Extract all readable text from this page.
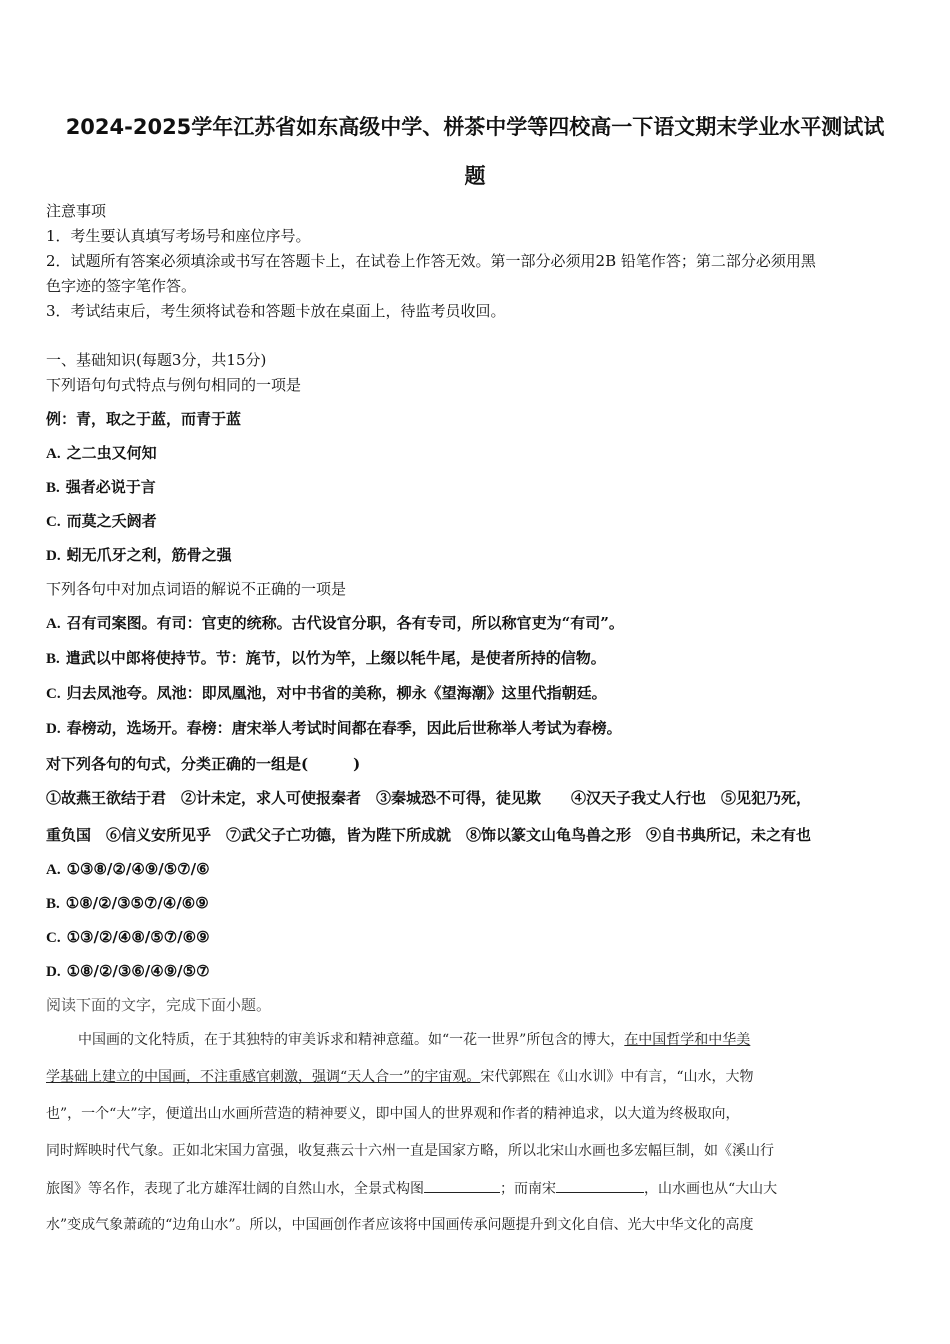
2024-2025学年江苏省如东高级中学、栟茶中学等四校高一下语文期末学业水平测试试
题
注意事项
1．考生要认真填写考场号和座位序号。
2．试题所有答案必须填涂或书写在答题卡上，在试卷上作答无效。第一部分必须用2B 铅笔作答；第二部分必须用黑
色字迹的签字笔作答。
3．考试结束后，考生须将试卷和答题卡放在桌面上，待监考员收回。
一、基础知识(每题3分，共15分)
下列语句句式特点与例句相同的一项是
例：青，取之于蓝，而青于蓝
A. 之二虫又何知
B. 强者必说于言
C. 而莫之夭阏者
D. 蚓无爪牙之利，筋骨之强
下列各句中对加点词语的解说不正确的一项是
A. 召有司案图。有司：官吏的统称。古代设官分职，各有专司，所以称官吏为“有司”。
B. 遣武以中郎将使持节。节：旄节，以竹为竿，上缀以牦牛尾，是使者所持的信物。
C. 归去凤池夸。凤池：即凤凰池，对中书省的美称，柳永《望海潮》这里代指朝廷。
D. 春榜动，选场开。春榜：唐宋举人考试时间都在春季，因此后世称举人考试为春榜。
对下列各句的句式，分类正确的一组是(　　　)
①故燕王欲结于君　②计未定，求人可使报秦者　③秦城恐不可得，徒见欺　　④汉天子我丈人行也　⑤见犯乃死，
重负国　⑥信义安所见乎　⑦武父子亡功德，皆为陛下所成就　⑧饰以篆文山龟鸟兽之形　⑨自书典所记，未之有也
A. ①③⑧/②/④⑨/⑤⑦/⑥
B. ①⑧/②/③⑤⑦/④/⑥⑨
C. ①③/②/④⑧/⑤⑦/⑥⑨
D. ①⑧/②/③⑥/④⑨/⑤⑦
阅读下面的文字，完成下面小题。
中国画的文化特质，在于其独特的审美诉求和精神意蕴。如“一花一世界”所包含的博大，在中国哲学和中华美
学基础上建立的中国画，不注重感官刺激，强调“天人合一”的宇宙观。宋代郭熙在《山水训》中有言，“山水，大物
也”，一个“大”字，便道出山水画所营造的精神要义，即中国人的世界观和作者的精神追求，以大道为终极取向，
同时辉映时代气象。正如北宋国力富强，收复燕云十六州一直是国家方略，所以北宋山水画也多宏幅巨制，如《溪山行
旅图》等名作，表现了北方雄浑壮阔的自然山水，全景式构图	；而南宋	，山水画也从“大山大
水”变成气象萧疏的“边角山水”。所以，中国画创作者应该将中国画传承问题提升到文化自信、光大中华文化的高度
